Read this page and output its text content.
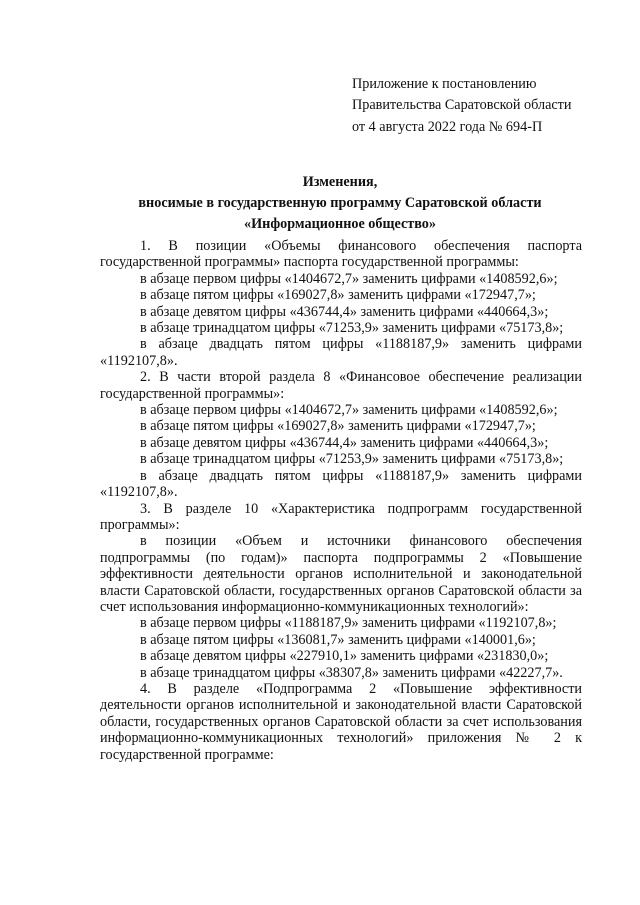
Приложение к постановлению
Правительства Саратовской области
от 4 августа 2022 года № 694-П
Изменения,
вносимые в государственную программу Саратовской области
«Информационное общество»

1. В позиции «Объемы финансового обеспечения паспорта государственной программы» паспорта государственной программы:

в абзаце первом цифры «1404672,7» заменить цифрами «1408592,6»;

в абзаце пятом цифры «169027,8» заменить цифрами «172947,7»;

в абзаце девятом цифры «436744,4» заменить цифрами «440664,3»;

в абзаце тринадцатом цифры «71253,9» заменить цифрами «75173,8»;

в абзаце двадцать пятом цифры «1188187,9» заменить цифрами «1192107,8».

2. В части второй раздела 8 «Финансовое обеспечение реализации государственной программы»:

в абзаце первом цифры «1404672,7» заменить цифрами «1408592,6»;

в абзаце пятом цифры «169027,8» заменить цифрами «172947,7»;

в абзаце девятом цифры «436744,4» заменить цифрами «440664,3»;

в абзаце тринадцатом цифры «71253,9» заменить цифрами «75173,8»;

в абзаце двадцать пятом цифры «1188187,9» заменить цифрами «1192107,8».

3. В разделе 10 «Характеристика подпрограмм государственной программы»:

в позиции «Объем и источники финансового обеспечения подпрограммы (по годам)» паспорта подпрограммы 2 «Повышение эффективности деятельности органов исполнительной и законодательной власти Саратовской области, государственных органов Саратовской области за счет использования информационно-коммуникационных технологий»:

в абзаце первом цифры «1188187,9» заменить цифрами «1192107,8»;

в абзаце пятом цифры «136081,7» заменить цифрами «140001,6»;

в абзаце девятом цифры «227910,1» заменить цифрами «231830,0»;

в абзаце тринадцатом цифры «38307,8» заменить цифрами «42227,7».

4. В разделе «Подпрограмма 2 «Повышение эффективности деятельности органов исполнительной и законодательной власти Саратовской области, государственных органов Саратовской области за счет использования информационно-коммуникационных технологий» приложения № 2 к государственной программе:
